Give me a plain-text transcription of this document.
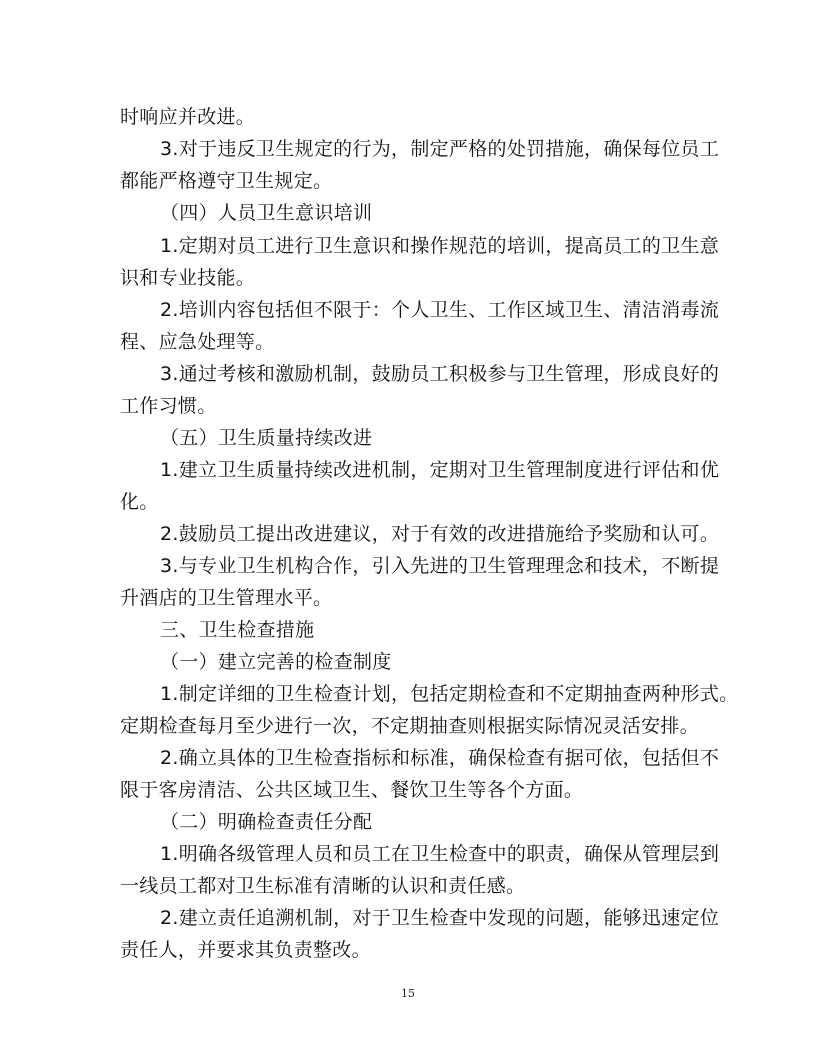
时响应并改进。
3.对于违反卫生规定的行为，制定严格的处罚措施，确保每位员工
都能严格遵守卫生规定。
（四）人员卫生意识培训
1.定期对员工进行卫生意识和操作规范的培训，提高员工的卫生意
识和专业技能。
2.培训内容包括但不限于：个人卫生、工作区域卫生、清洁消毒流
程、应急处理等。
3.通过考核和激励机制，鼓励员工积极参与卫生管理，形成良好的
工作习惯。
（五）卫生质量持续改进
1.建立卫生质量持续改进机制，定期对卫生管理制度进行评估和优
化。
2.鼓励员工提出改进建议，对于有效的改进措施给予奖励和认可。
3.与专业卫生机构合作，引入先进的卫生管理理念和技术，不断提
升酒店的卫生管理水平。
三、卫生检查措施
（一）建立完善的检查制度
1.制定详细的卫生检查计划，包括定期检查和不定期抽查两种形式。
定期检查每月至少进行一次，不定期抽查则根据实际情况灵活安排。
2.确立具体的卫生检查指标和标准，确保检查有据可依，包括但不
限于客房清洁、公共区域卫生、餐饮卫生等各个方面。
（二）明确检查责任分配
1.明确各级管理人员和员工在卫生检查中的职责，确保从管理层到
一线员工都对卫生标准有清晰的认识和责任感。
2.建立责任追溯机制，对于卫生检查中发现的问题，能够迅速定位
责任人，并要求其负责整改。
15
